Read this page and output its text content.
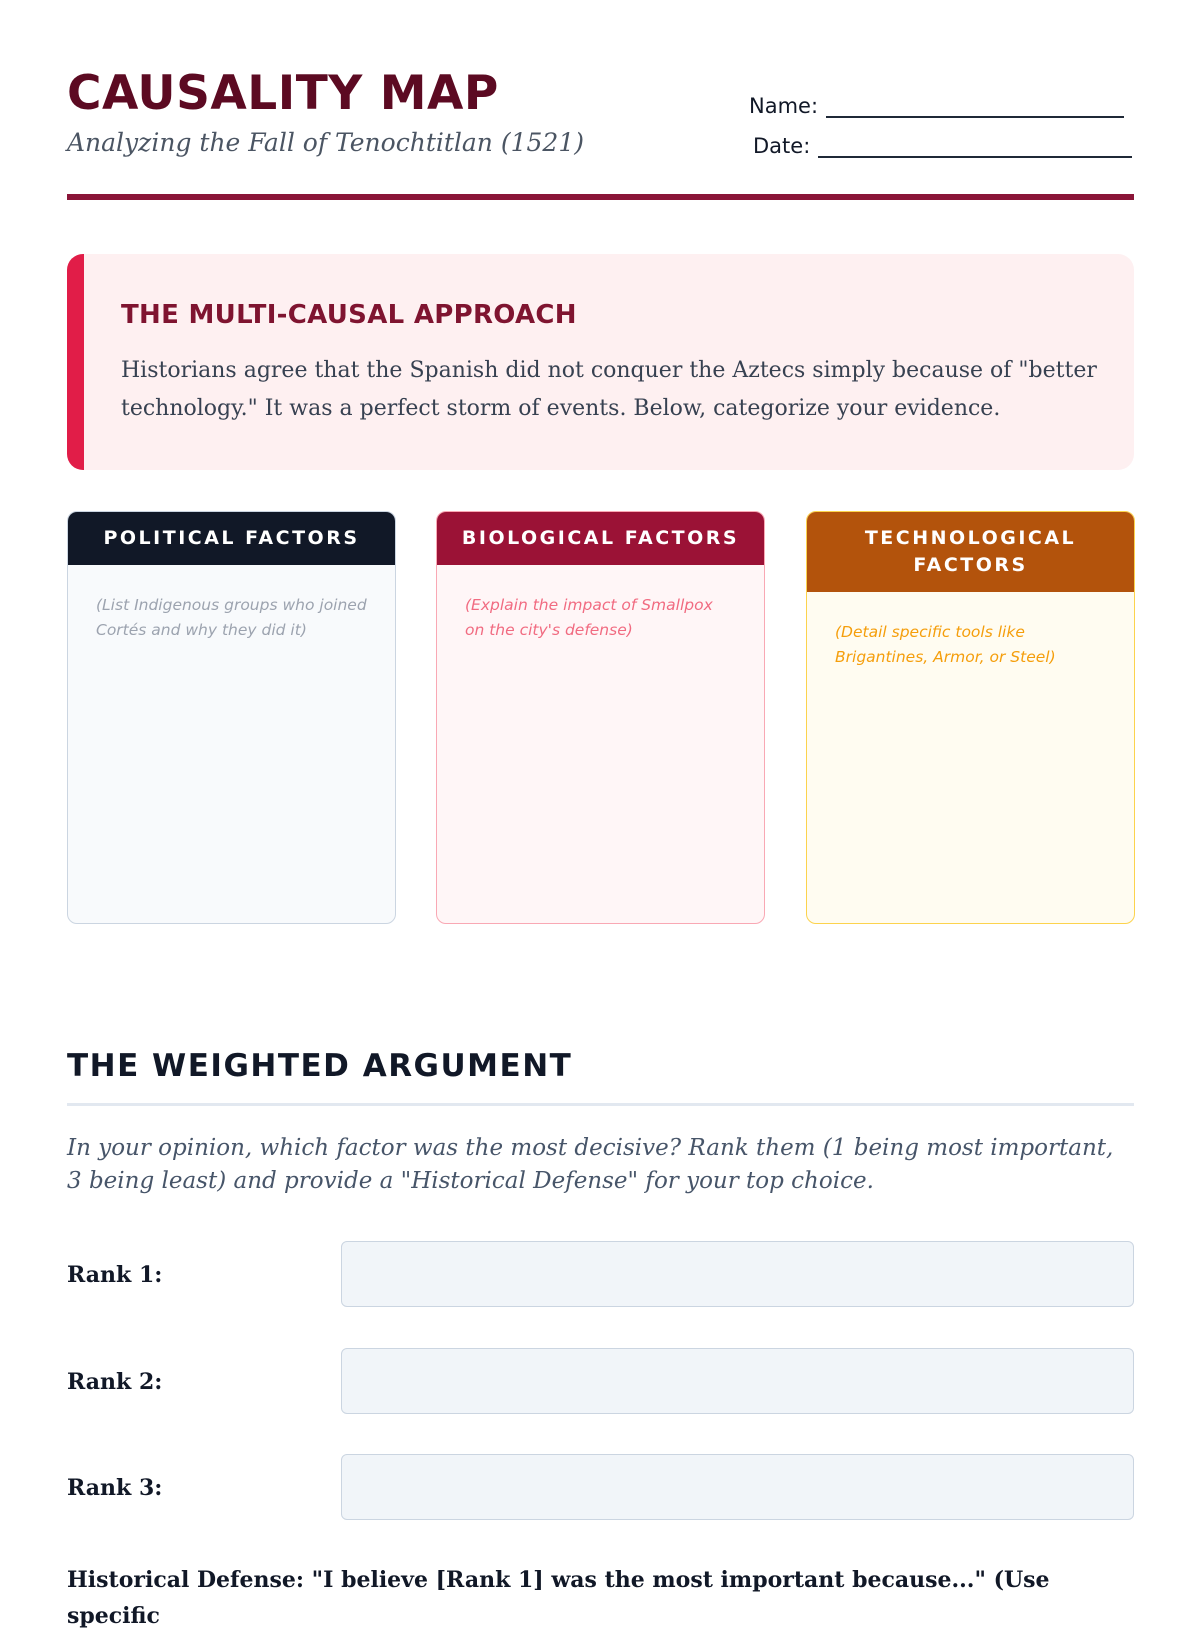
CAUSALITY MAP
Analyzing the Fall of Tenochtitlan (1521)
Name:
Date:
THE MULTI-CAUSAL APPROACH

Historians agree that the Spanish did not conquer the Aztecs simply because of "better technology." It was a perfect storm of events. Below, categorize your evidence.

POLITICAL FACTORS
(List Indigenous groups who joined Cortés and why they did it)
BIOLOGICAL FACTORS
(Explain the impact of Smallpox on the city's defense)
TECHNOLOGICAL FACTORS
(Detail specific tools like Brigantines, Armor, or Steel)
THE WEIGHTED ARGUMENT

In your opinion, which factor was the most decisive? Rank them (1 being most important, 3 being least) and provide a "Historical Defense" for your top choice.

Rank 1:
Rank 2:
Rank 3:
Historical Defense: "I believe [Rank 1] was the most important because..." (Use specific
